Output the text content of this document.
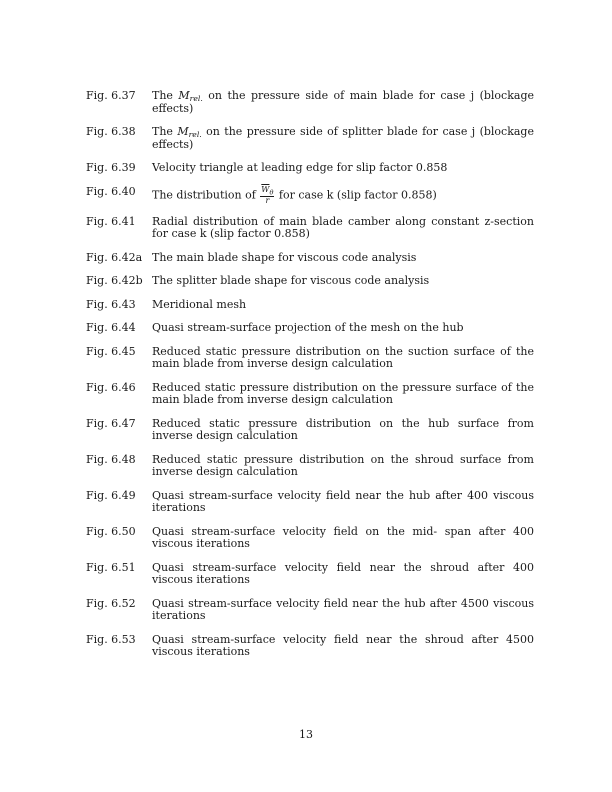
Fig. 6.37	The $M_{rel.}$ on the pressure side of main blade for case j (blockage effects)
Fig. 6.38	The $M_{rel.}$ on the pressure side of splitter blade for case j (blockage effects)
Fig. 6.39	Velocity triangle at leading edge for slip factor 0.858
Fig. 6.40	The distribution of $\frac{\overline{W}_\theta}{r}$ for case k (slip factor 0.858)
Fig. 6.41	Radial distribution of main blade camber along constant z-section for case k (slip factor 0.858)
Fig. 6.42a The main blade shape for viscous code analysis
Fig. 6.42b The splitter blade shape for viscous code analysis
Fig. 6.43	Meridional mesh
Fig. 6.44	Quasi stream-surface projection of the mesh on the hub
Fig. 6.45	Reduced static pressure distribution on the suction surface of the main blade from inverse design calculation
Fig. 6.46	Reduced static pressure distribution on the pressure surface of the main blade from inverse design calculation
Fig. 6.47	Reduced static pressure distribution on the hub surface from inverse design calculation
Fig. 6.48	Reduced static pressure distribution on the shroud surface from inverse design calculation
Fig. 6.49	Quasi stream-surface velocity field near the hub after 400 viscous iterations
Fig. 6.50	Quasi stream-surface velocity field on the mid- span after 400 viscous iterations
Fig. 6.51	Quasi stream-surface velocity field near the shroud after 400 viscous iterations
Fig. 6.52	Quasi stream-surface velocity field near the hub after 4500 viscous iterations
Fig. 6.53	Quasi stream-surface velocity field near the shroud after 4500 viscous iterations
13
